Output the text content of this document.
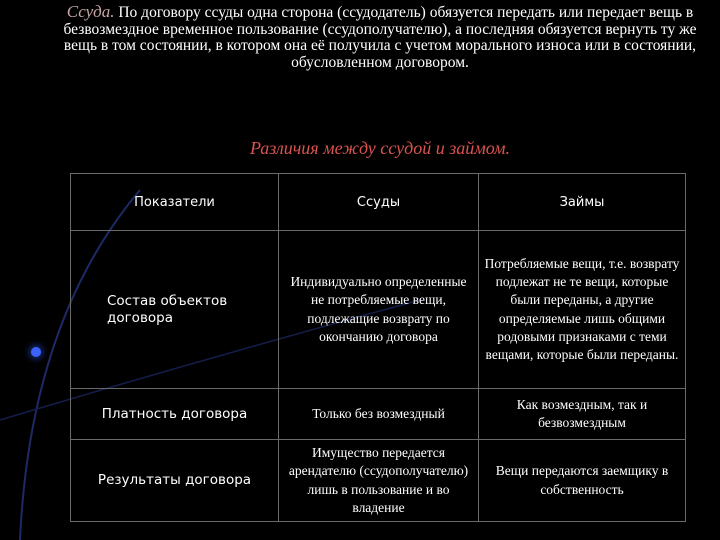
Ссуда. По договору ссуды одна сторона (ссудодатель) обязуется передать или передает вещь в безвозмездное временное пользование (ссудополучателю), а последняя обязуется вернуть ту же вещь в том состоянии, в котором она её получила с учетом морального износа или в состоянии, обусловленном договором.
Различия между ссудой и займом.
Показатели	Ссуды	Займы
Состав объектов договора	Индивидуально определенные не потребляемые вещи, подлежащие возврату по окончанию договора	Потребляемые вещи, т.е. возврату подлежат не те вещи, которые были переданы, а другие определяемые лишь общими родовыми признаками с теми вещами, которые были переданы.
Платность договора	Только без возмездный	Как возмездным, так и безвозмездным
Результаты договора	Имущество передается арендателю (ссудополучателю) лишь в пользование и во владение	Вещи передаются заемщику в собственность
